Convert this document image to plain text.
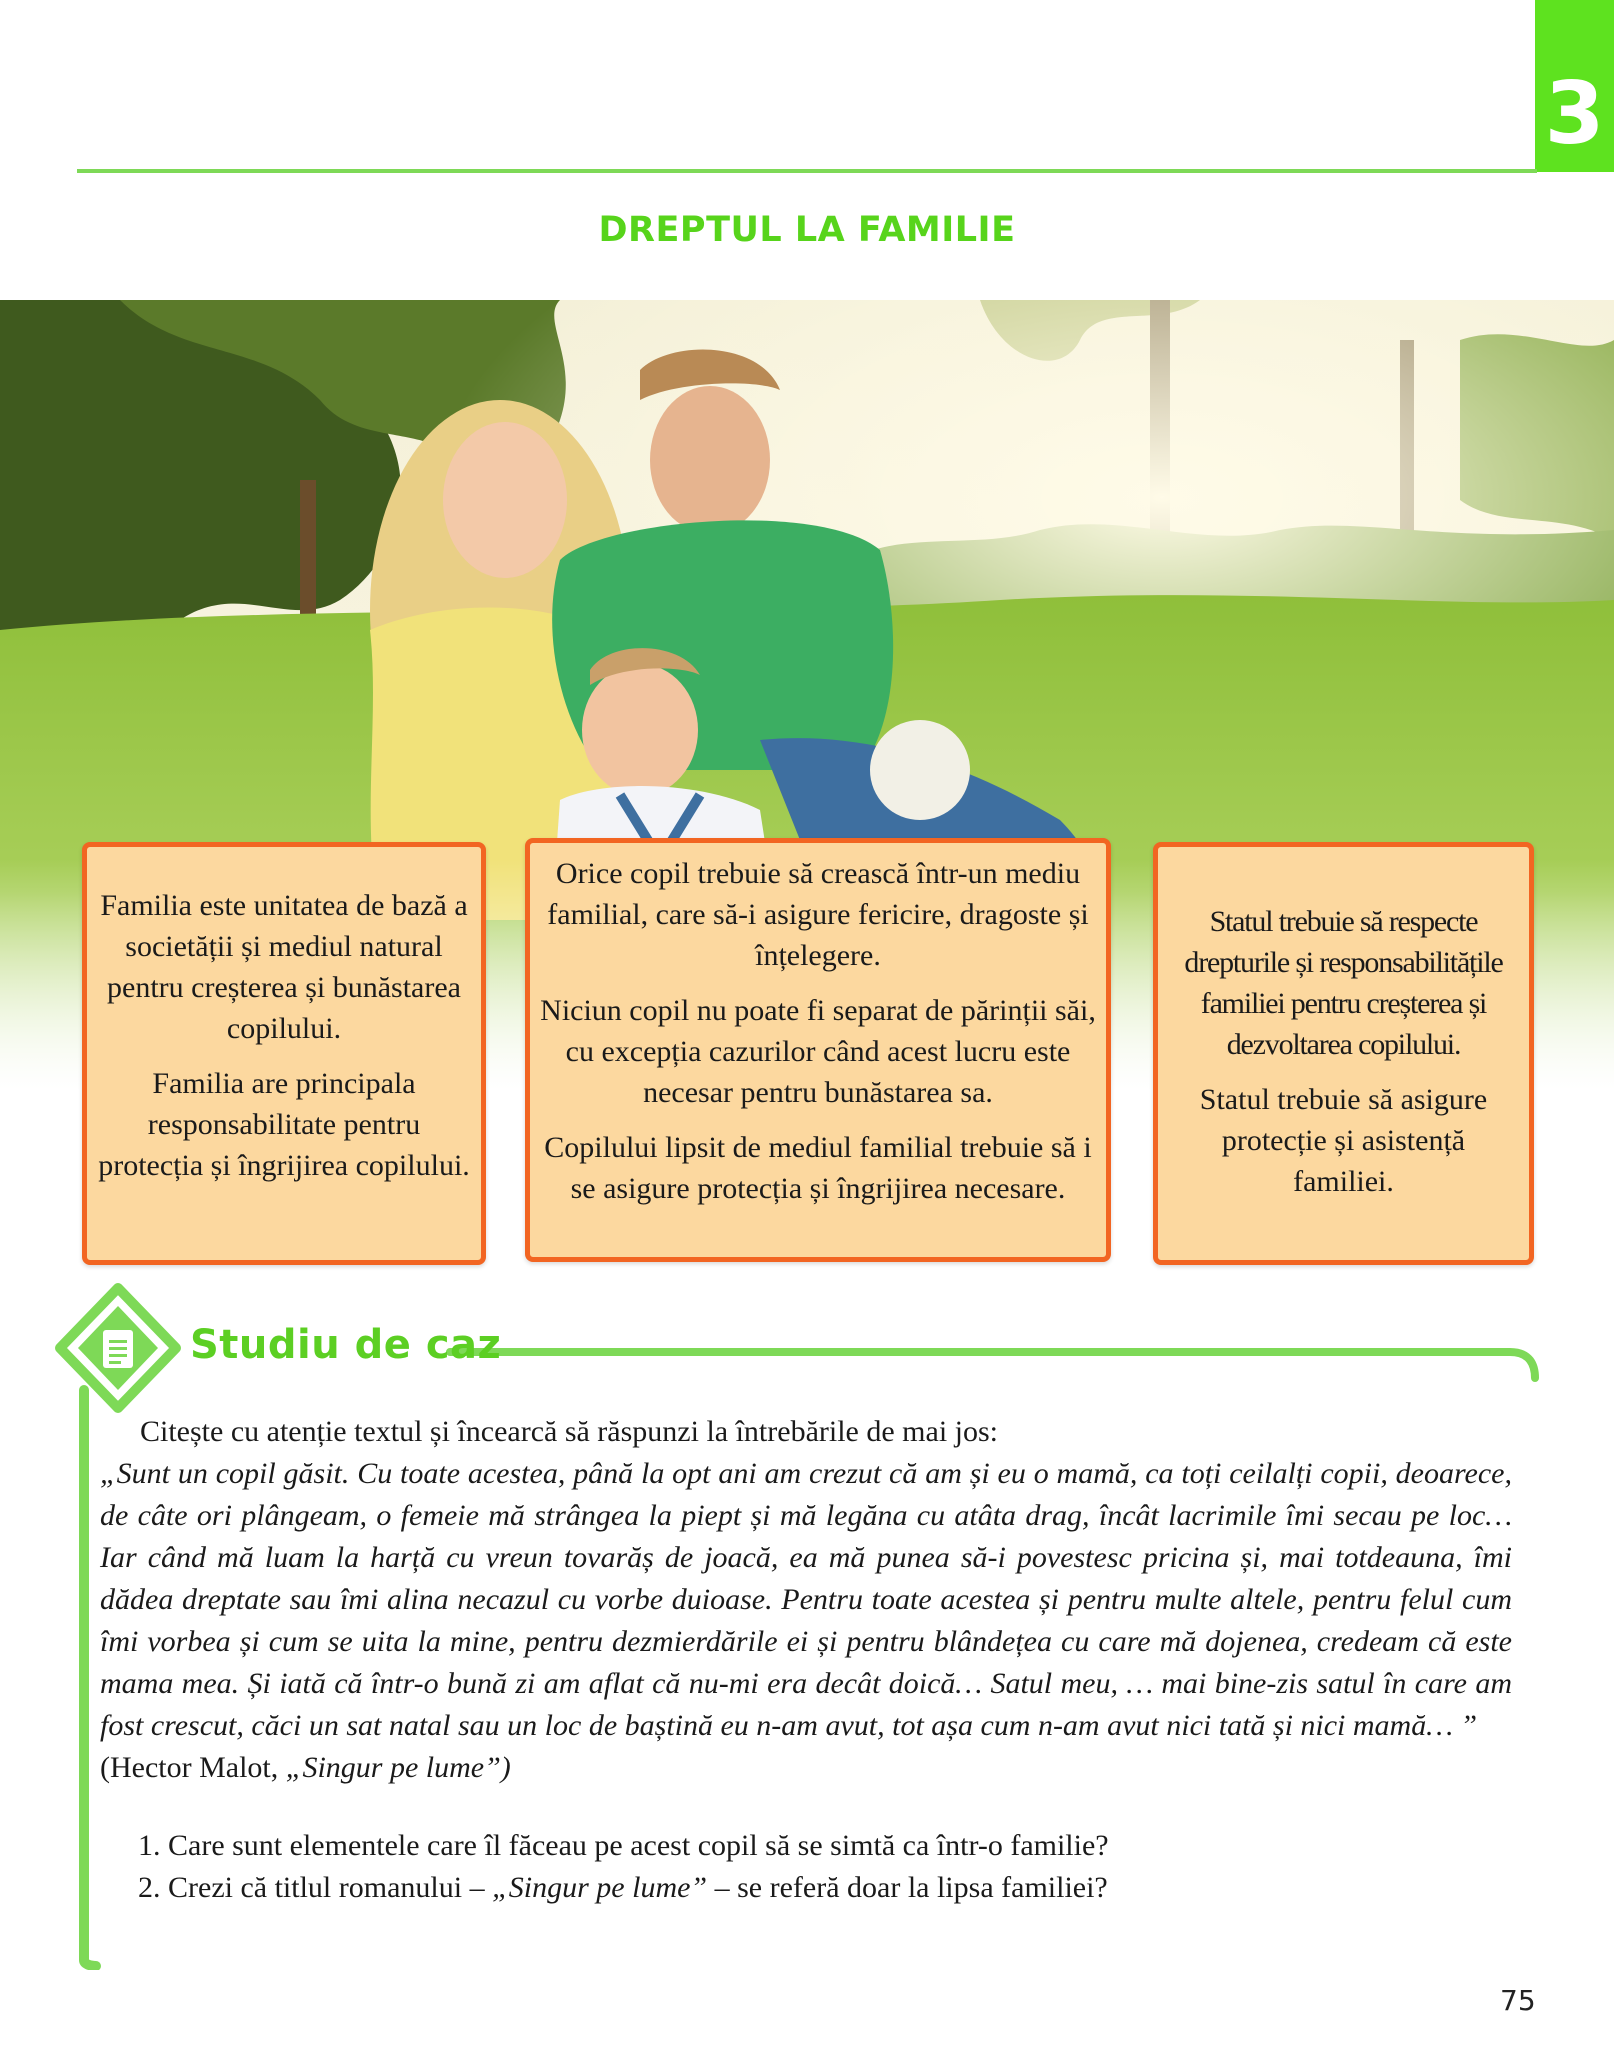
3
DREPTUL LA FAMILIE

Familia este unitatea de bază a societății și mediul natural pentru creșterea și bunăstarea copilului.

Familia are principala responsabilitate pentru protecția și îngrijirea copilului.

Orice copil trebuie să crească într-un mediu familial, care să-i asigure fericire, dragoste și înțelegere.

Niciun copil nu poate fi separat de părinții săi, cu excepția cazurilor când acest lucru este necesar pentru bunăstarea sa.

Copilului lipsit de mediul familial trebuie să i se asigure protecția și îngrijirea necesare.

Statul trebuie să respecte drepturile și responsabilitățile familiei pentru creșterea și dezvoltarea copilului.

Statul trebuie să asigure protecție și asistență familiei.

Studiu de caz

Citește cu atenție textul și încearcă să răspunzi la întrebările de mai jos:

„Sunt un copil găsit. Cu toate acestea, până la opt ani am crezut că am și eu o mamă, ca toți ceilalți copii, deoarece, de câte ori plângeam, o femeie mă strângea la piept și mă legăna cu atâta drag, încât lacrimile îmi secau pe loc… Iar când mă luam la harță cu vreun tovarăș de joacă, ea mă punea să-i povestesc pricina și, mai totdeauna, îmi dădea dreptate sau îmi alina necazul cu vorbe duioase. Pentru toate acestea și pentru multe altele, pentru felul cum îmi vorbea și cum se uita la mine, pentru dezmierdările ei și pentru blândețea cu care mă dojenea, credeam că este mama mea. Și iată că într-o bună zi am aflat că nu-mi era decât doică… Satul meu, … mai bine-zis satul în care am fost crescut, căci un sat natal sau un loc de baștină eu n-am avut, tot așa cum n-am avut nici tată și nici mamă… ”

(Hector Malot, „Singur pe lume”)

1. Care sunt elementele care îl făceau pe acest copil să se simtă ca într-o familie?
2. Crezi că titlul romanului – „Singur pe lume” – se referă doar la lipsa familiei?
75
